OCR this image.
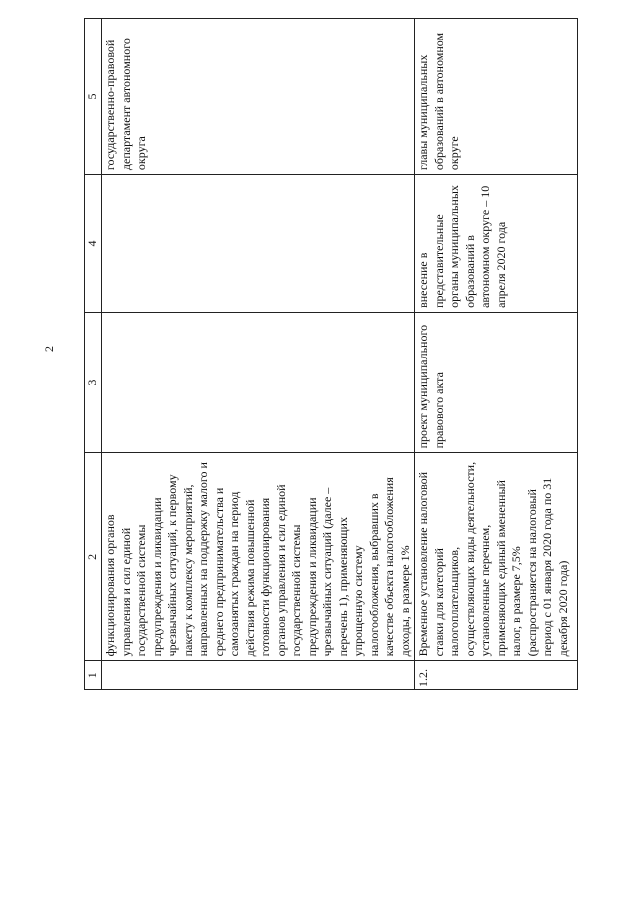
2
1	2	3	4	5
	функционирования органов управления и сил единой государственной системы предупреждения и ликвидации чрезвычайных ситуаций, к первому пакету к комплексу мероприятий, направленных на поддержку малого и среднего предпринимательства и самозанятых граждан на период действия режима повышенной готовности функционирования органов управления и сил единой государственной системы предупреждения и ликвидации чрезвычайных ситуаций (далее – перечень 1), применяющих упрощенную систему налогообложения, выбравших в качестве объекта налогообложения доходы, в размере 1%			государственно-правовой департамент автономного округа
1.2.	Временное установление налоговой ставки для категорий налогоплательщиков, осуществляющих виды деятельности, установленные перечнем, применяющих единый вмененный налог, в размере 7,5% (распространяется на налоговый период с 01 января 2020 года по 31 декабря 2020 года)	проект муниципального правового акта	внесение в представительные органы муниципальных образований в автономном округе – 10 апреля 2020 года	главы муниципальных образований в автономном округе
